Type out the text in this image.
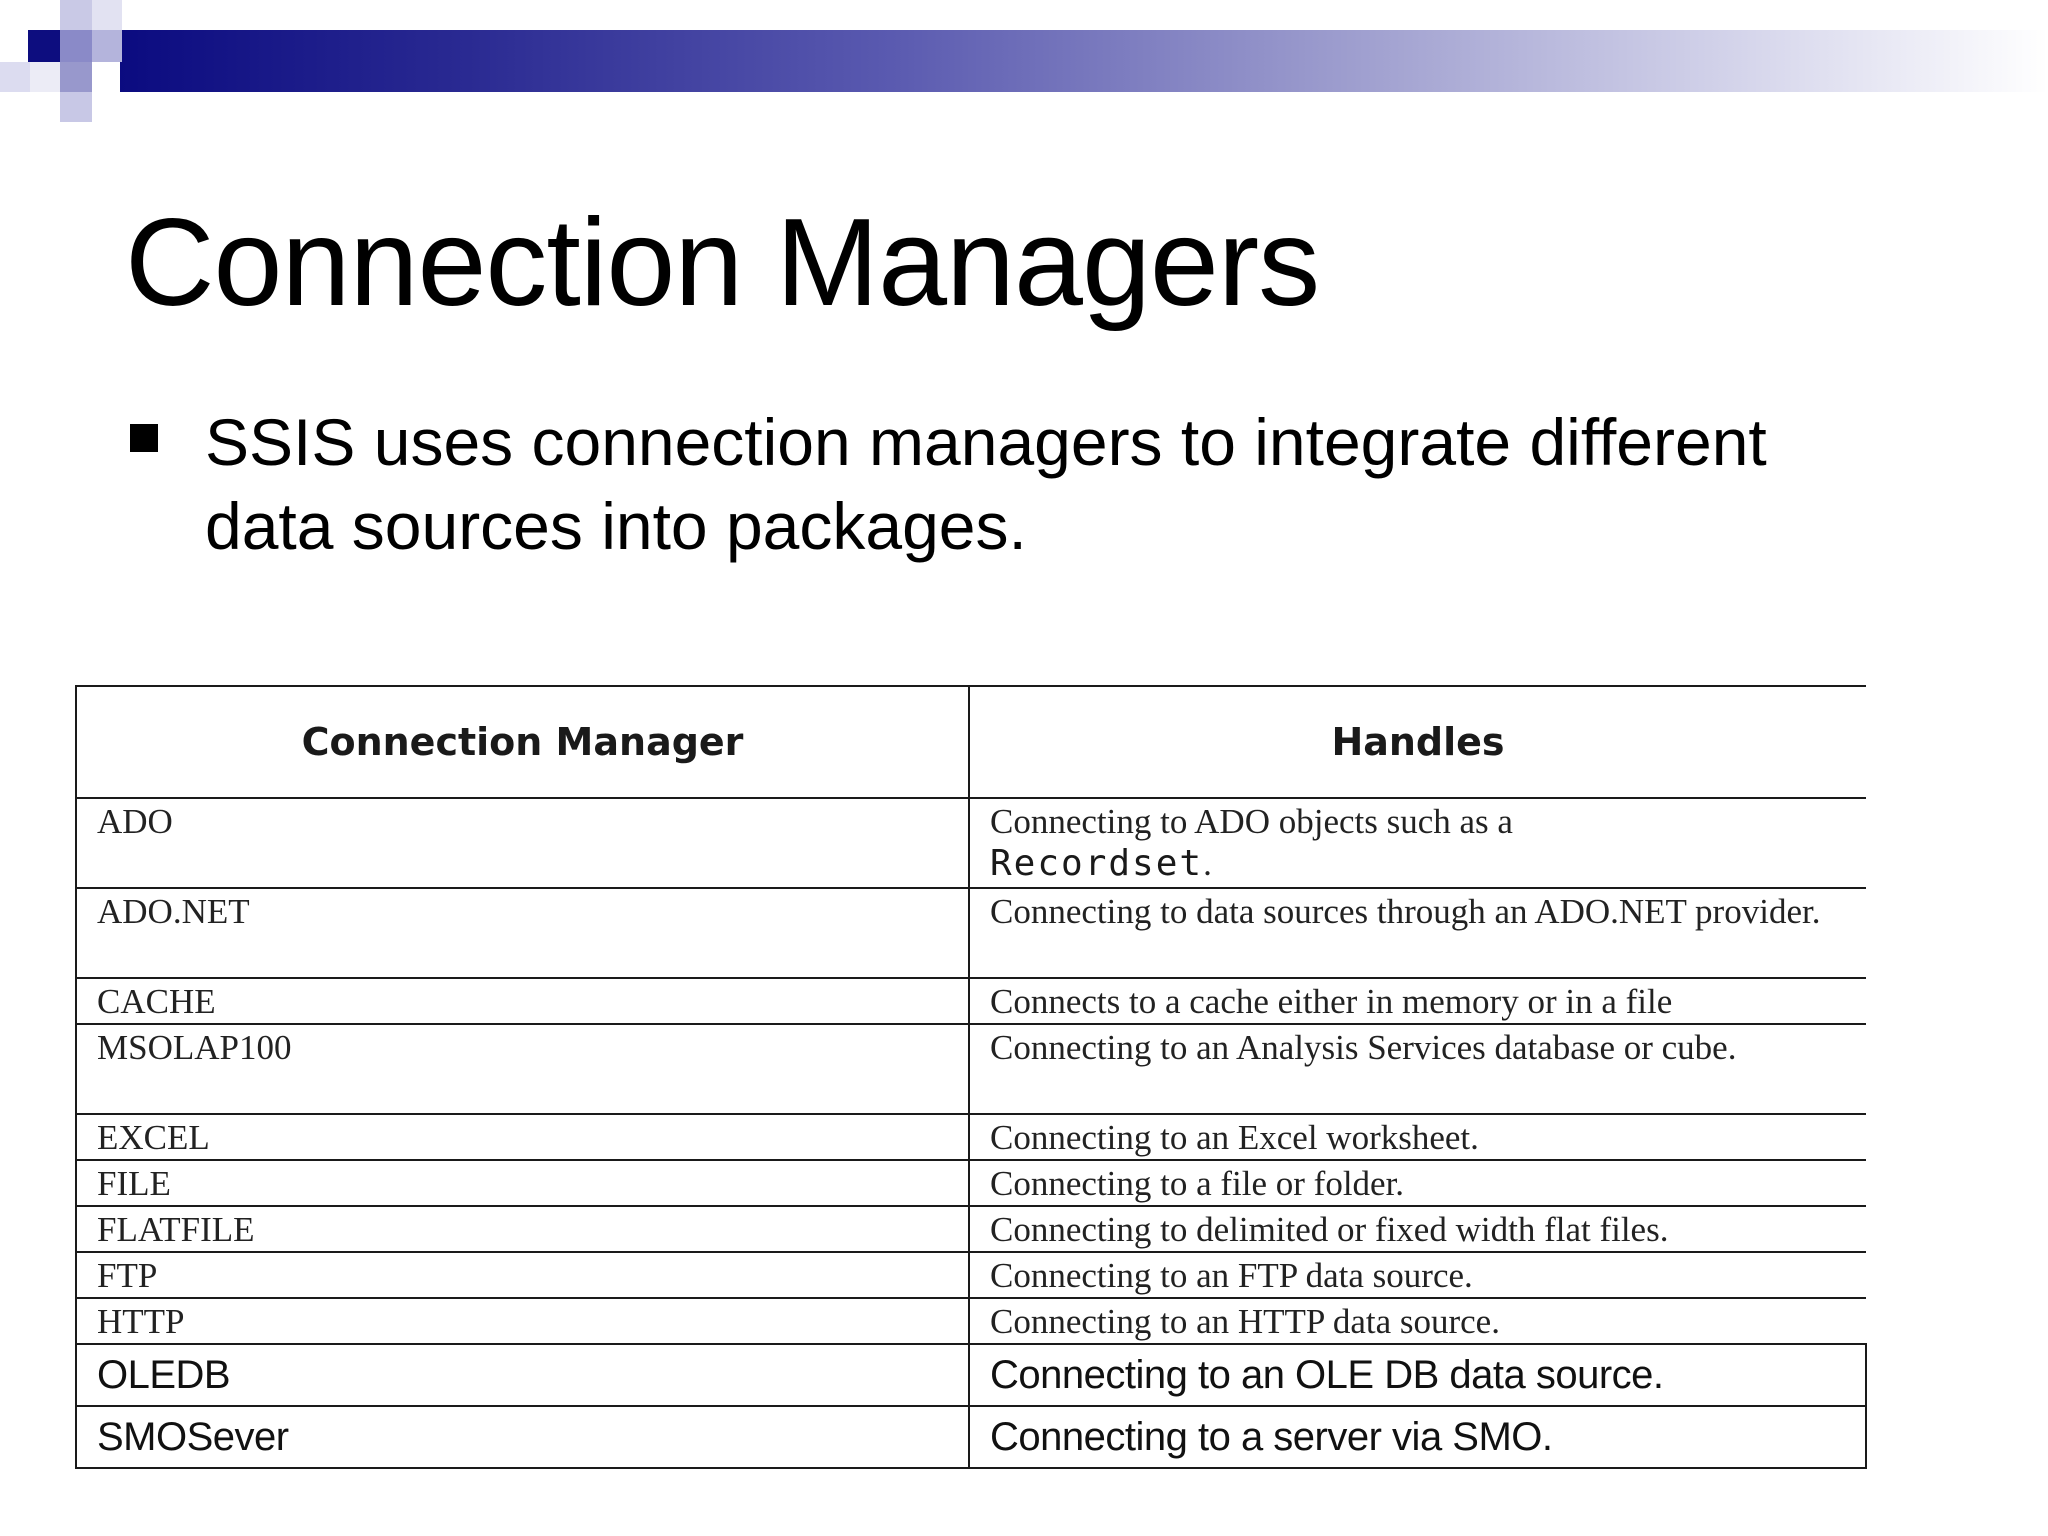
Connection Managers
SSIS uses connection managers to integrate different data sources into packages.
Connection Manager	Handles
ADO	Connecting to ADO objects such as a
Recordset.
ADO.NET	Connecting to data sources through an ADO.NET provider.
CACHE	Connects to a cache either in memory or in a file
MSOLAP100	Connecting to an Analysis Services database or cube.
EXCEL	Connecting to an Excel worksheet.
FILE	Connecting to a file or folder.
FLATFILE	Connecting to delimited or fixed width flat files.
FTP	Connecting to an FTP data source.
HTTP	Connecting to an HTTP data source.
OLEDB	Connecting to an OLE DB data source.
SMOSever	Connecting to a server via SMO.
